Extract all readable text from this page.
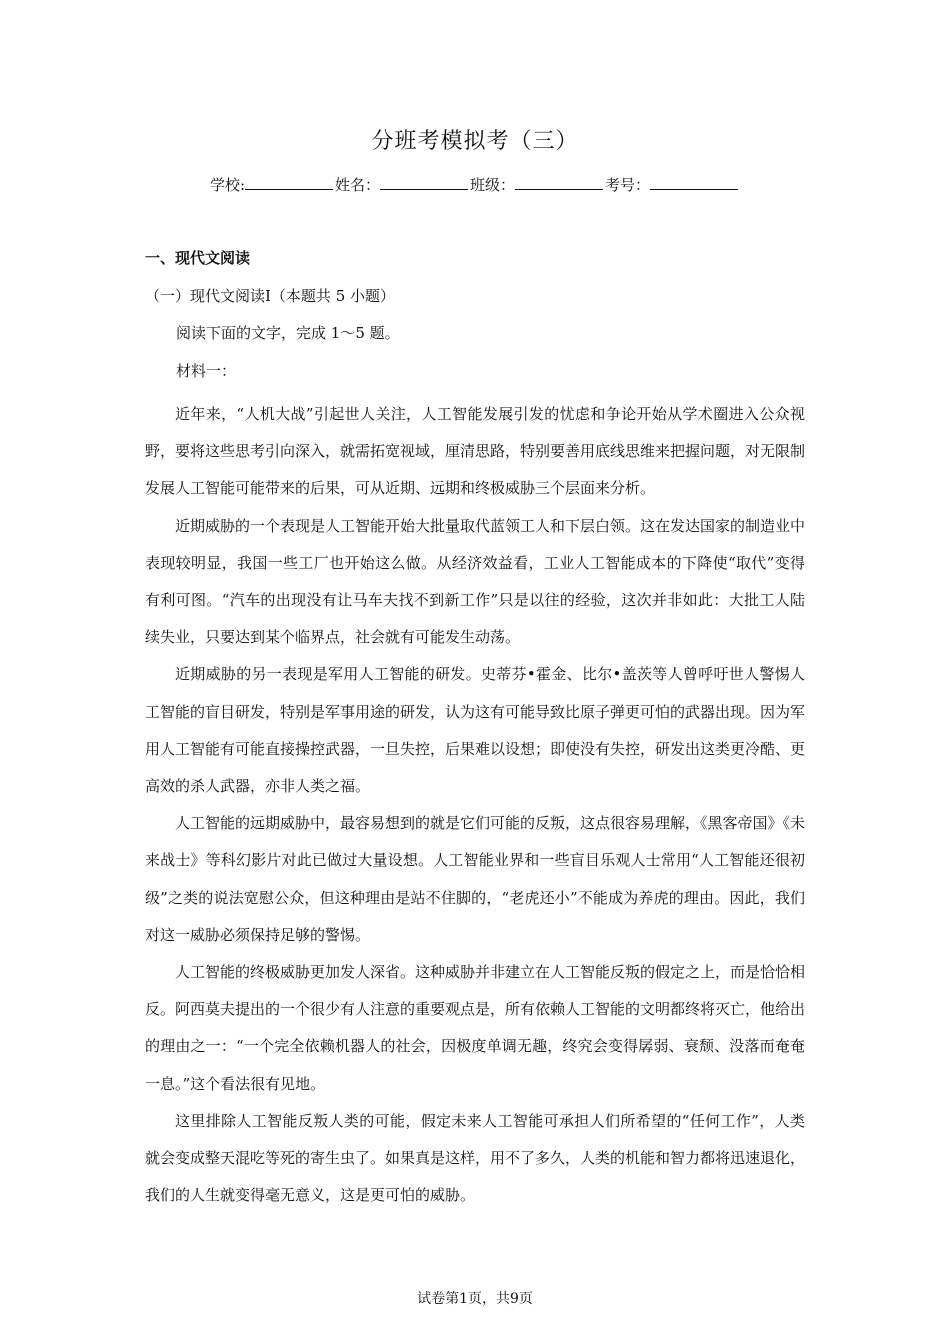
分班考模拟考（三）
学校:	姓名：	班级：	考号：
一、现代文阅读
（一）现代文阅读Ⅰ（本题共 5 小题）
阅读下面的文字，完成 1～5 题。
材料一：

近年来，“人机大战”引起世人关注，人工智能发展引发的忧虑和争论开始从学术圈进入公众视野，要将这些思考引向深入，就需拓宽视域，厘清思路，特别要善用底线思维来把握问题，对无限制发展人工智能可能带来的后果，可从近期、远期和终极威胁三个层面来分析。

近期威胁的一个表现是人工智能开始大批量取代蓝领工人和下层白领。这在发达国家的制造业中表现较明显，我国一些工厂也开始这么做。从经济效益看，工业人工智能成本的下降使“取代”变得有利可图。“汽车的出现没有让马车夫找不到新工作”只是以往的经验，这次并非如此：大批工人陆续失业，只要达到某个临界点，社会就有可能发生动荡。

近期威胁的另一表现是军用人工智能的研发。史蒂芬•霍金、比尔•盖茨等人曾呼吁世人警惕人工智能的盲目研发，特别是军事用途的研发，认为这有可能导致比原子弹更可怕的武器出现。因为军用人工智能有可能直接操控武器，一旦失控，后果难以设想；即使没有失控，研发出这类更冷酷、更高效的杀人武器，亦非人类之福。

人工智能的远期威胁中，最容易想到的就是它们可能的反叛，这点很容易理解，《黑客帝国》《未来战士》等科幻影片对此已做过大量设想。人工智能业界和一些盲目乐观人士常用“人工智能还很初级”之类的说法宽慰公众，但这种理由是站不住脚的，“老虎还小”不能成为养虎的理由。因此，我们对这一威胁必须保持足够的警惕。

人工智能的终极威胁更加发人深省。这种威胁并非建立在人工智能反叛的假定之上，而是恰恰相反。阿西莫夫提出的一个很少有人注意的重要观点是，所有依赖人工智能的文明都终将灭亡，他给出的理由之一：“一个完全依赖机器人的社会，因极度单调无趣，终究会变得孱弱、衰颓、没落而奄奄一息。”这个看法很有见地。

这里排除人工智能反叛人类的可能，假定未来人工智能可承担人们所希望的“任何工作”，人类就会变成整天混吃等死的寄生虫了。如果真是这样，用不了多久，人类的机能和智力都将迅速退化，我们的人生就变得毫无意义，这是更可怕的威胁。

试卷第1页，共9页
